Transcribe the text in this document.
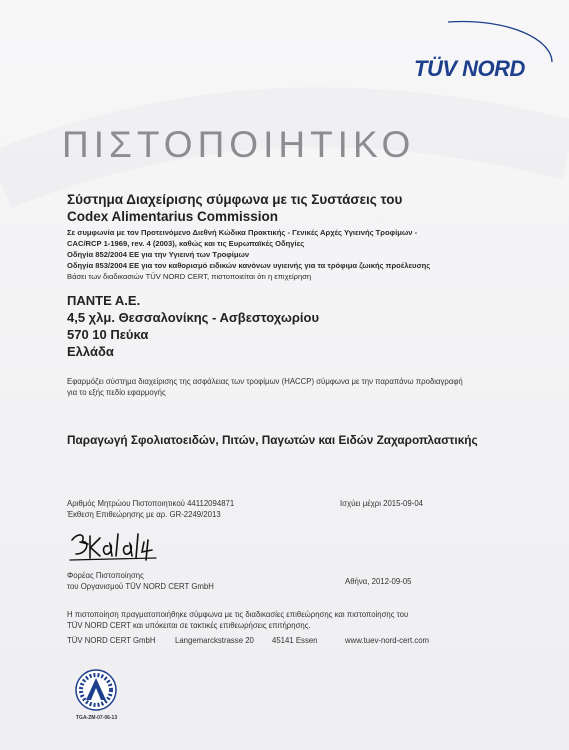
TÜV NORD
ΠΙΣΤΟΠΟΙΗΤΙΚΟ
Σύστημα Διαχείρισης σύμφωνα με τις Συστάσεις του
Codex Alimentarius Commission
Σε συμφωνία με τον Προτεινόμενο Διεθνή Κώδικα Πρακτικής - Γενικές Αρχές Υγιεινής Τροφίμων -
CAC/RCP 1-1969, rev. 4 (2003), καθώς και τις Ευρωπαϊκές Οδηγίες
Οδηγία 852/2004 ΕΕ για την Υγιεινή των Τροφίμων
Οδηγία 853/2004 ΕΕ για τον καθορισμό ειδικών κανόνων υγιεινής για τα τρόφιμα ζωικής προέλευσης
Βάσει των διαδικασιών TÜV NORD CERT, πιστοποιείται ότι η επιχείρηση
ΠΑΝΤΕ Α.Ε.
4,5 χλμ. Θεσσαλονίκης - Ασβεστοχωρίου
570 10 Πεύκα
Ελλάδα
Εφαρμόζει σύστημα διαχείρισης της ασφάλειας των τροφίμων (HACCP) σύμφωνα με την παραπάνω προδιαγραφή
για το εξής πεδίο εφαρμογής
Παραγωγή Σφολιατοειδών, Πιτών, Παγωτών και Ειδών Ζαχαροπλαστικής
Αριθμός Μητρώου Πιστοποιητικού 44112094871
Έκθεση Επιθεώρησης με αρ. GR-2249/2013
Ισχύει μέχρι 2015-09-04
Φορέας Πιστοποίησης
του Οργανισμού TÜV NORD CERT GmbH
Αθήνα, 2012-09-05
Η πιστοποίηση πραγματοποιήθηκε σύμφωνα με τις διαδικασίες επιθεώρησης και πιστοποίησης του
TÜV NORD CERT και υπόκειται σε τακτικές επιθεωρήσεις επιτήρησης.
TÜV NORD CERT GmbH Langemarckstrasse 20 45141 Essen	www.tuev-nord-cert.com
TGA-ZM-07-06-13
